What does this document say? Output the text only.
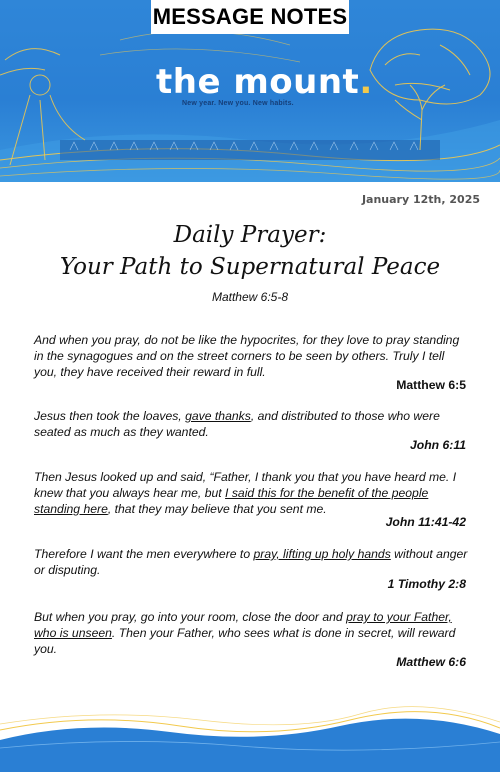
MESSAGE NOTES
the mount.
New year. New you. New habits.
January 12th, 2025
Daily Prayer:
Your Path to Supernatural Peace
Matthew 6:5-8
And when you pray, do not be like the hypocrites, for they love to pray standing in the synagogues and on the street corners to be seen by others. Truly I tell you, they have received their reward in full.
Matthew 6:5
Jesus then took the loaves, gave thanks, and distributed to those who were seated as much as they wanted.
John 6:11
Then Jesus looked up and said, “Father, I thank you that you have heard me. I knew that you always hear me, but I said this for the benefit of the people standing here, that they may believe that you sent me.
John 11:41-42
Therefore I want the men everywhere to pray, lifting up holy hands without anger or disputing.
1 Timothy 2:8
But when you pray, go into your room, close the door and pray to your Father, who is unseen. Then your Father, who sees what is done in secret, will reward you.
Matthew 6:6
